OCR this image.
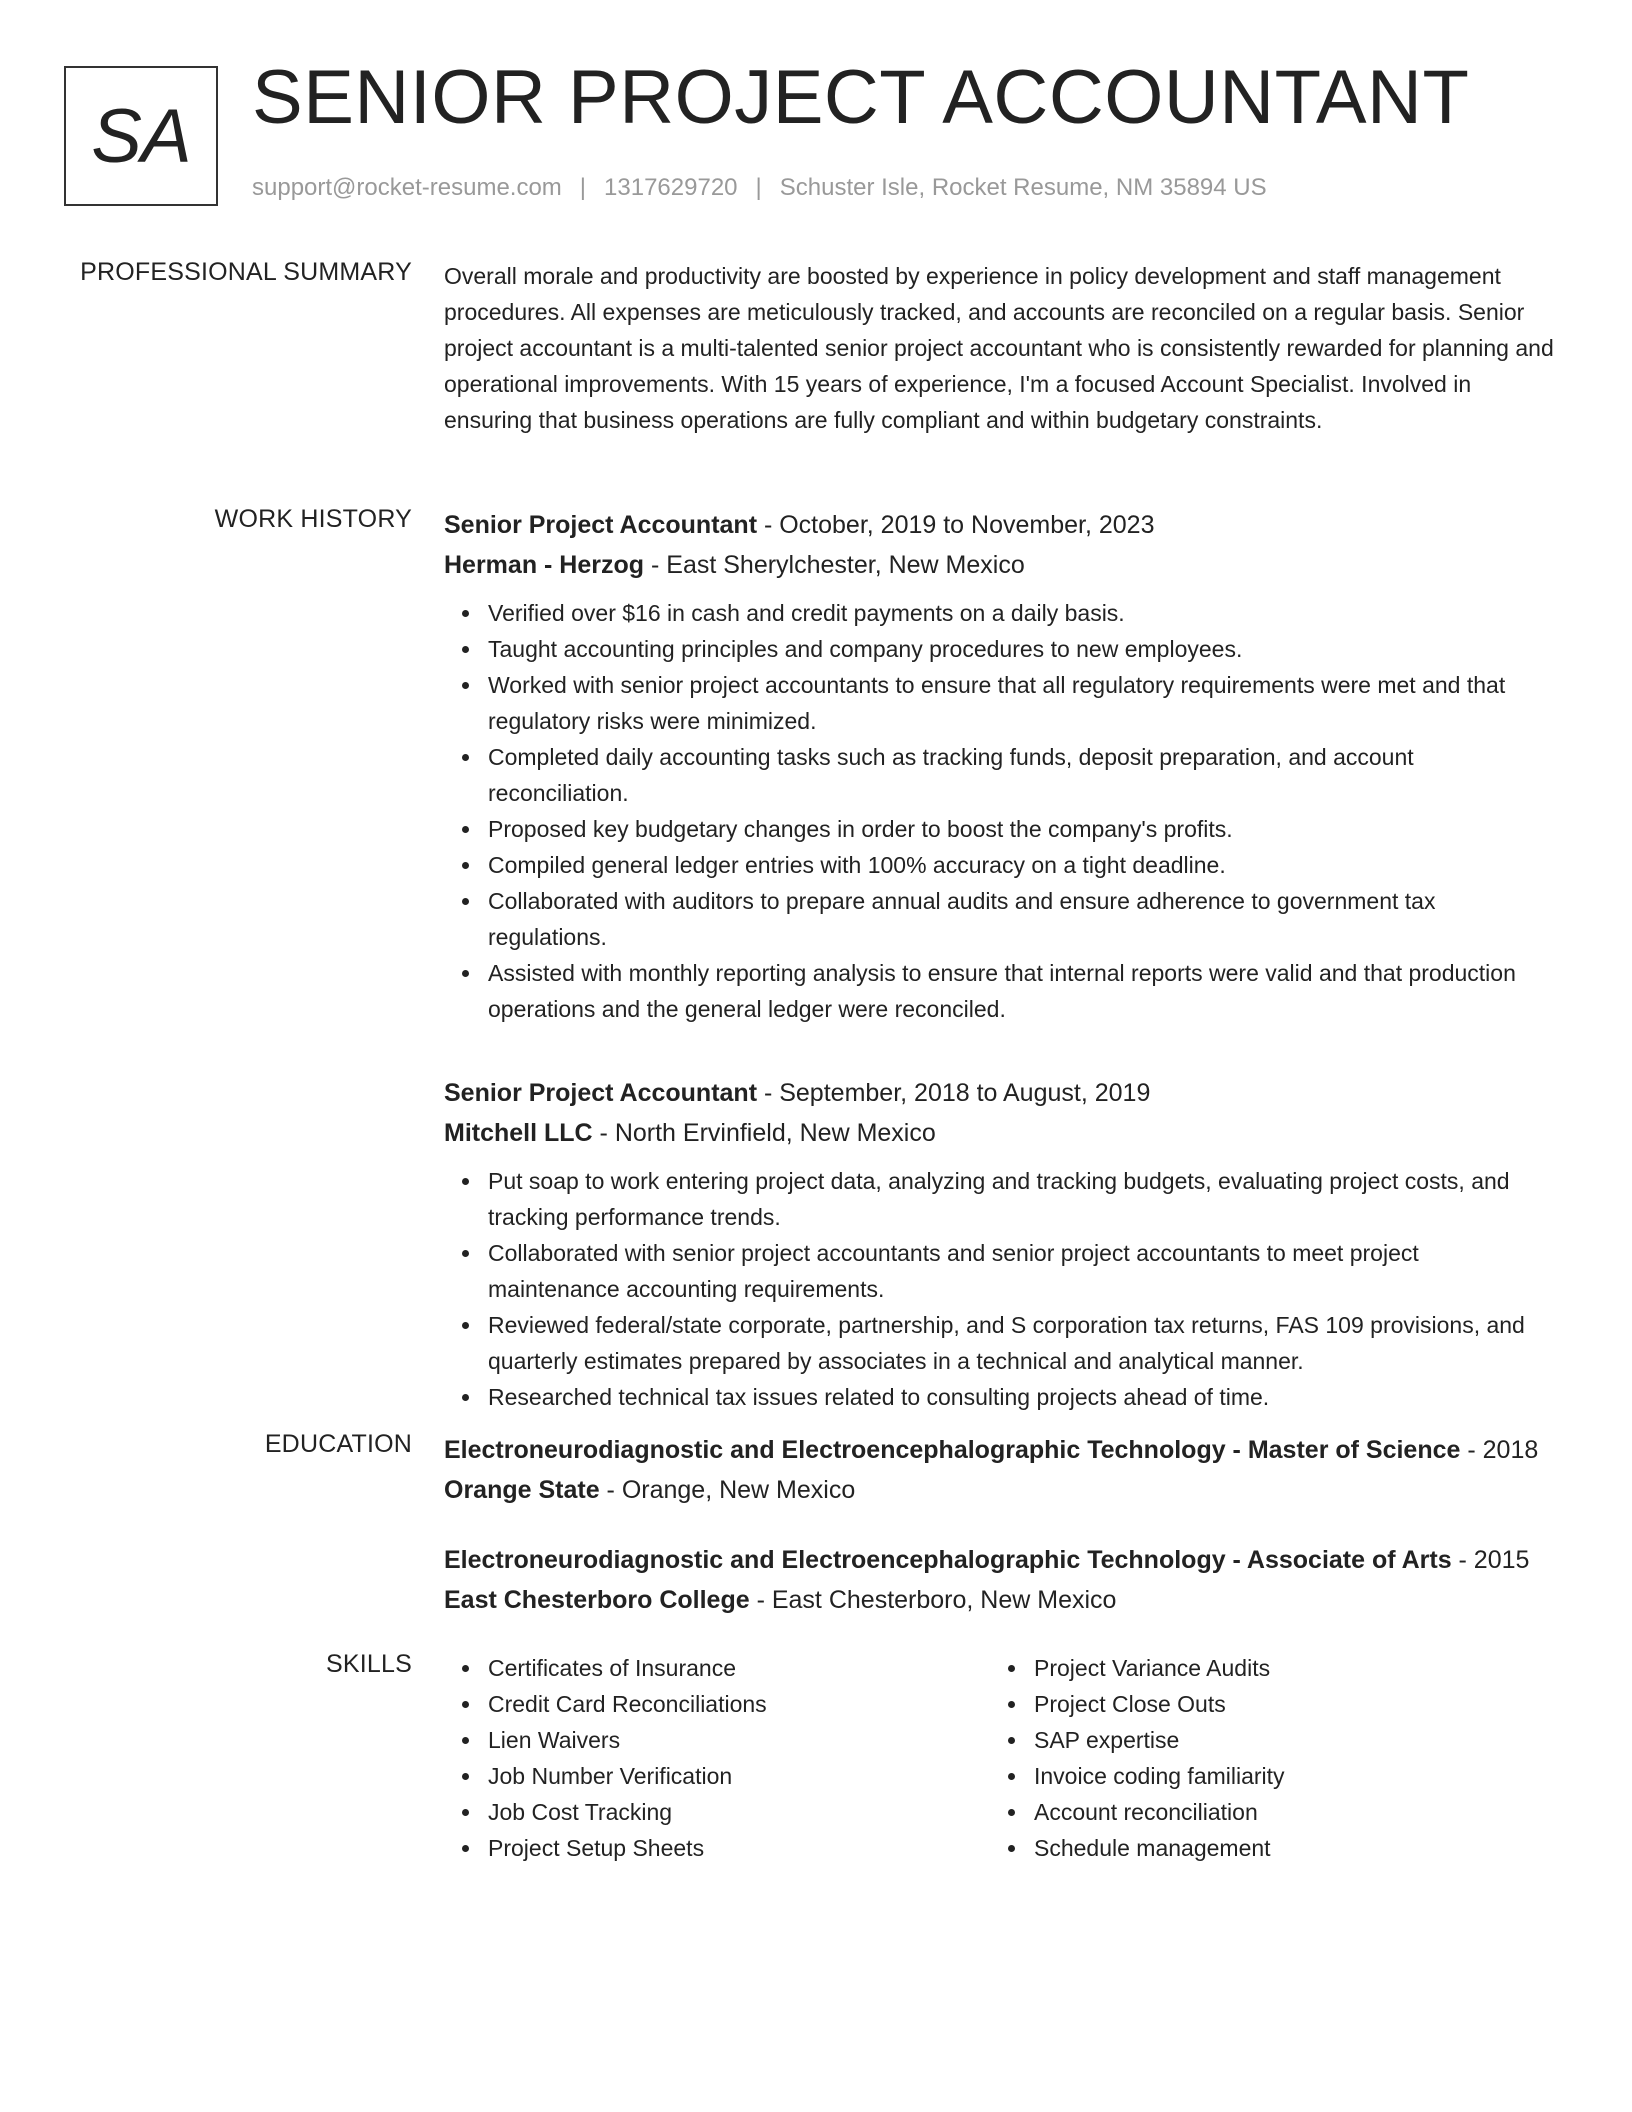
SA SENIOR PROJECT ACCOUNTANT
support@rocket-resume.com | 1317629720 | Schuster Isle, Rocket Resume, NM 35894 US
PROFESSIONAL SUMMARY Overall morale and productivity are boosted by experience in policy development and staff management procedures. All expenses are meticulously tracked, and accounts are reconciled on a regular basis. Senior project accountant is a multi-talented senior project accountant who is consistently rewarded for planning and operational improvements. With 15 years of experience, I'm a focused Account Specialist. Involved in ensuring that business operations are fully compliant and within budgetary constraints.

WORK HISTORY Senior Project Accountant - October, 2019 to November, 2023
Herman - Herzog - East Sherylchester, New Mexico
Verified over $16 in cash and credit payments on a daily basis.
Taught accounting principles and company procedures to new employees.
Worked with senior project accountants to ensure that all regulatory requirements were met and that regulatory risks were minimized.
Completed daily accounting tasks such as tracking funds, deposit preparation, and account reconciliation.
Proposed key budgetary changes in order to boost the company's profits.
Compiled general ledger entries with 100% accuracy on a tight deadline.
Collaborated with auditors to prepare annual audits and ensure adherence to government tax regulations.
Assisted with monthly reporting analysis to ensure that internal reports were valid and that production operations and the general ledger were reconciled.
Senior Project Accountant - September, 2018 to August, 2019
Mitchell LLC - North Ervinfield, New Mexico
Put soap to work entering project data, analyzing and tracking budgets, evaluating project costs, and tracking performance trends.
Collaborated with senior project accountants and senior project accountants to meet project maintenance accounting requirements.
Reviewed federal/state corporate, partnership, and S corporation tax returns, FAS 109 provisions, and quarterly estimates prepared by associates in a technical and analytical manner.
Researched technical tax issues related to consulting projects ahead of time.
EDUCATION Electroneurodiagnostic and Electroencephalographic Technology - Master of Science - 2018
Orange State - Orange, New Mexico
Electroneurodiagnostic and Electroencephalographic Technology - Associate of Arts - 2015
East Chesterboro College - East Chesterboro, New Mexico
SKILLS	Certificates of Insurance
Credit Card Reconciliations
Lien Waivers
Job Number Verification
Job Cost Tracking
Project Setup Sheets
Project Variance Audits
Project Close Outs
SAP expertise
Invoice coding familiarity
Account reconciliation
Schedule management
